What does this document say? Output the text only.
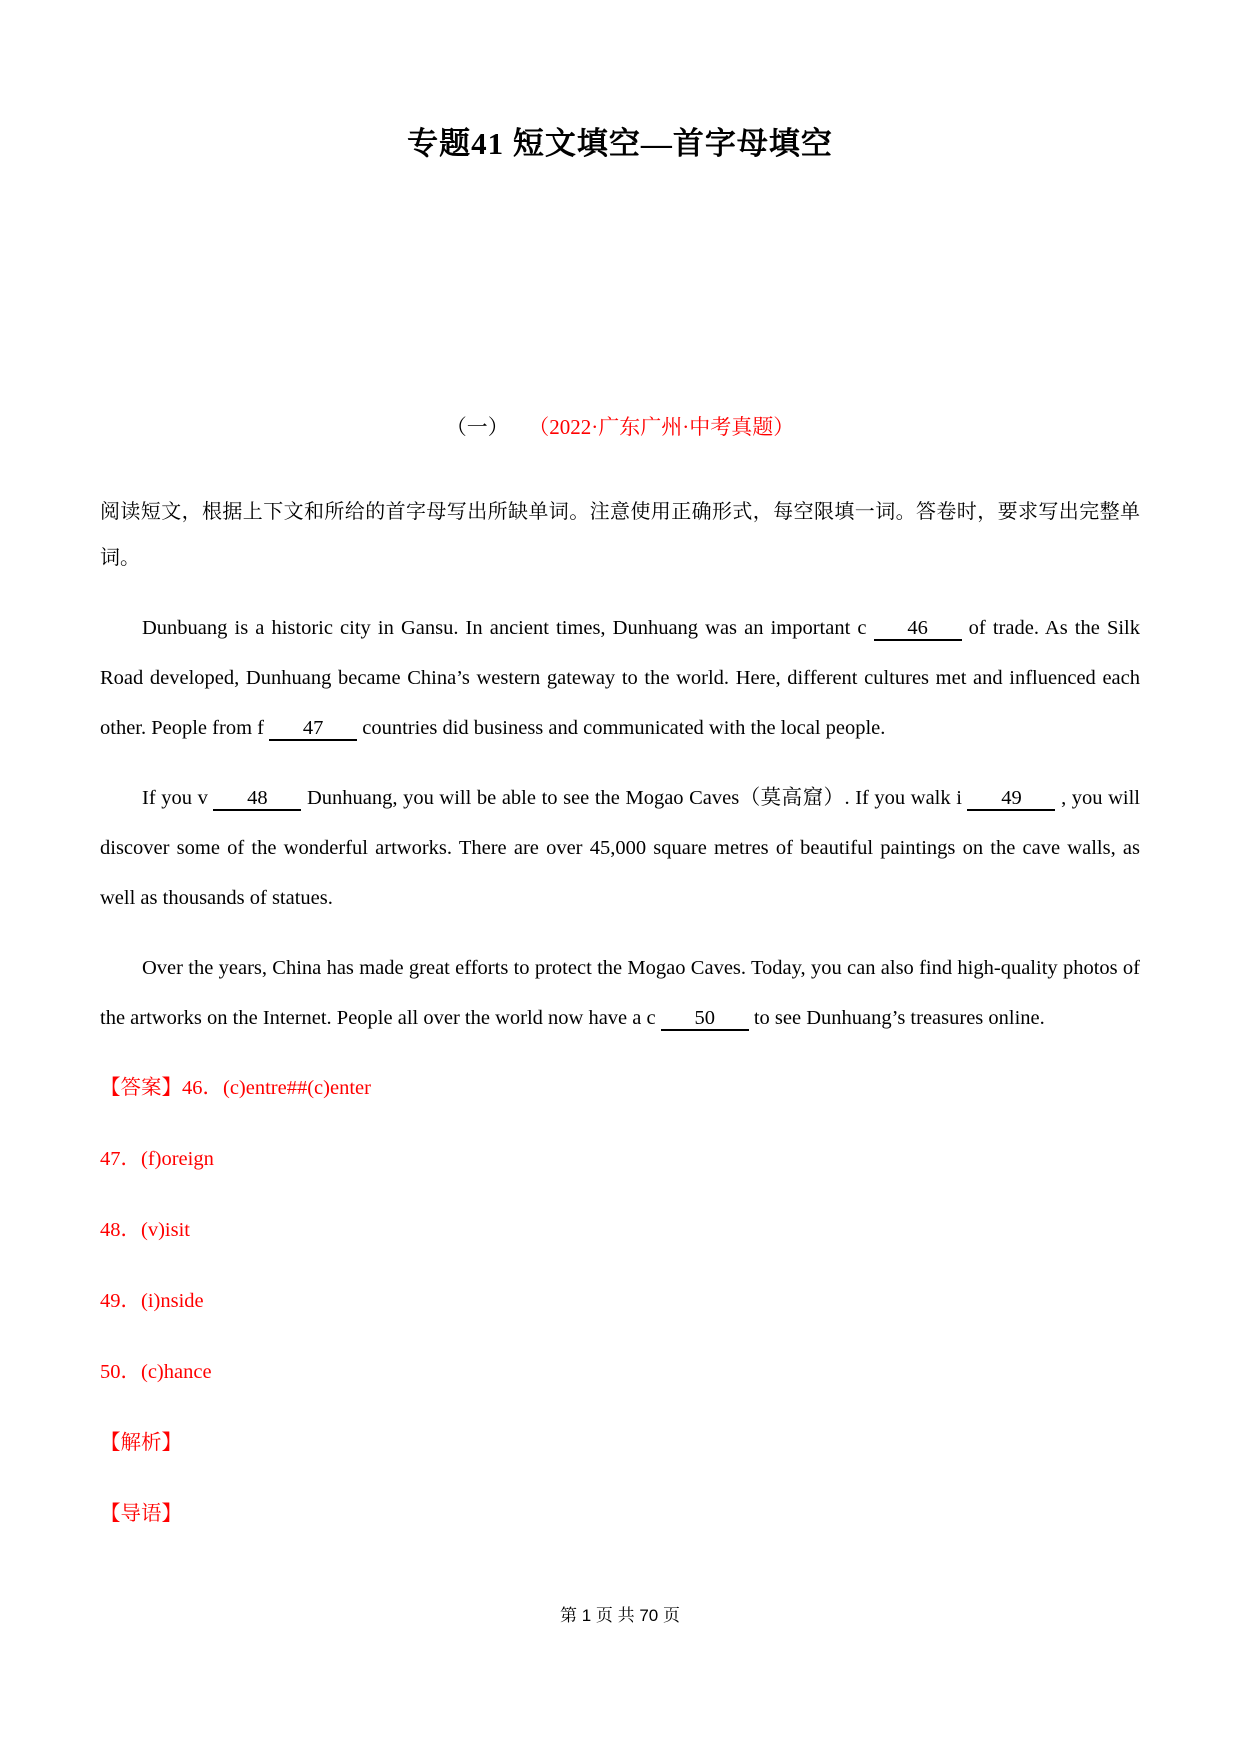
专题41 短文填空—首字母填空
（一） （2022·广东广州·中考真题）

阅读短文，根据上下文和所给的首字母写出所缺单词。注意使用正确形式，每空限填一词。答卷时，要求写出完整单词。

Dunbuang is a historic city in Gansu. In ancient times, Dunhuang was an important c 46 of trade. As the Silk Road developed, Dunhuang became China’s western gateway to the world. Here, different cultures met and influenced each other. People from f 47 countries did business and communicated with the local people.

If you v 48 Dunhuang, you will be able to see the Mogao Caves（莫高窟）. If you walk i 49 , you will discover some of the wonderful artworks. There are over 45,000 square metres of beautiful paintings on the cave walls, as well as thousands of statues.

Over the years, China has made great efforts to protect the Mogao Caves. Today, you can also find high-quality photos of the artworks on the Internet. People all over the world now have a c 50 to see Dunhuang’s treasures online.

【答案】46．(c)entre##(c)enter

47．(f)oreign

48．(v)isit

49．(i)nside

50．(c)hance

【解析】

【导语】

第 1 页 共 70 页
